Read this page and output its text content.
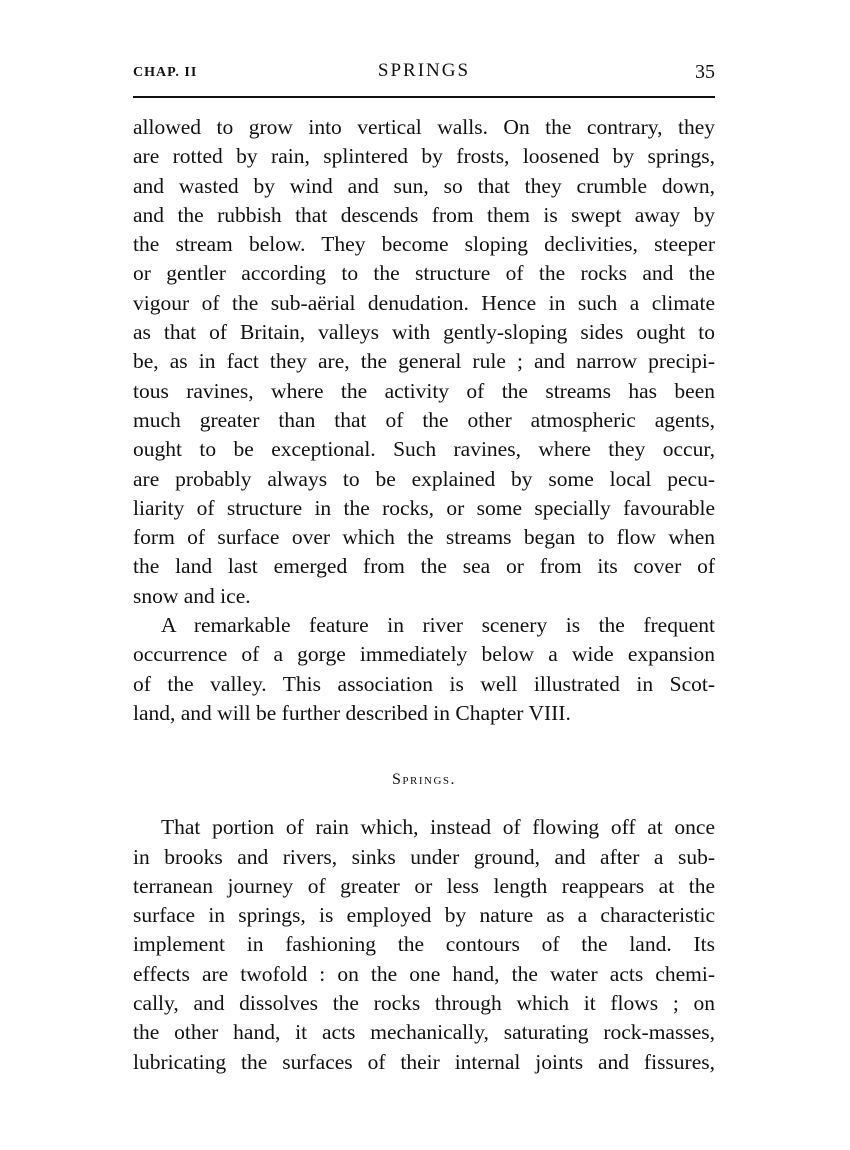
CHAP. II	SPRINGS	35
allowed to grow into vertical walls. On the contrary, they
are rotted by rain, splintered by frosts, loosened by springs,
and wasted by wind and sun, so that they crumble down,
and the rubbish that descends from them is swept away by
the stream below. They become sloping declivities, steeper
or gentler according to the structure of the rocks and the
vigour of the sub-aërial denudation. Hence in such a climate
as that of Britain, valleys with gently-sloping sides ought to
be, as in fact they are, the general rule ; and narrow precipi-
tous ravines, where the activity of the streams has been
much greater than that of the other atmospheric agents,
ought to be exceptional. Such ravines, where they occur,
are probably always to be explained by some local pecu-
liarity of structure in the rocks, or some specially favourable
form of surface over which the streams began to flow when
the land last emerged from the sea or from its cover of
snow and ice.
A remarkable feature in river scenery is the frequent
occurrence of a gorge immediately below a wide expansion
of the valley. This association is well illustrated in Scot-
land, and will be further described in Chapter VIII.
Springs.
That portion of rain which, instead of flowing off at once
in brooks and rivers, sinks under ground, and after a sub-
terranean journey of greater or less length reappears at the
surface in springs, is employed by nature as a characteristic
implement in fashioning the contours of the land. Its
effects are twofold : on the one hand, the water acts chemi-
cally, and dissolves the rocks through which it flows ; on
the other hand, it acts mechanically, saturating rock-masses,
lubricating the surfaces of their internal joints and fissures,
